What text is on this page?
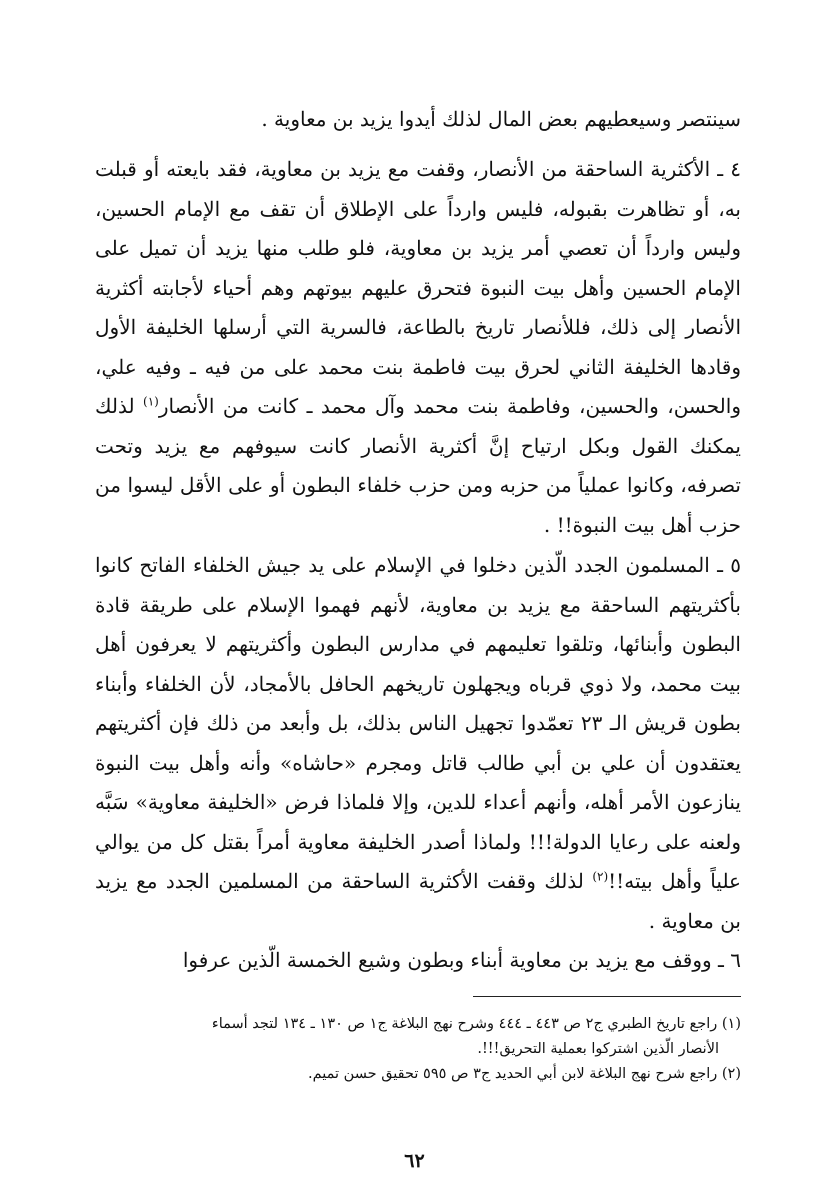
سينتصر وسيعطيهم بعض المال لذلك أيدوا يزيد بن معاوية .

٤ ـ الأكثرية الساحقة من الأنصار، وقفت مع يزيد بن معاوية، فقد بايعته أو قبلت به، أو تظاهرت بقبوله، فليس وارداً على الإطلاق أن تقف مع الإمام الحسين، وليس وارداً أن تعصي أمر يزيد بن معاوية، فلو طلب منها يزيد أن تميل على الإمام الحسين وأهل بيت النبوة فتحرق عليهم بيوتهم وهم أحياء لأجابته أكثرية الأنصار إلى ذلك، فللأنصار تاريخ بالطاعة، فالسرية التي أرسلها الخليفة الأول وقادها الخليفة الثاني لحرق بيت فاطمة بنت محمد على من فيه ـ وفيه علي، والحسن، والحسين، وفاطمة بنت محمد وآل محمد ـ كانت من الأنصار$^{(١)}$ لذلك يمكنك القول وبكل ارتياح إنَّ أكثرية الأنصار كانت سيوفهم مع يزيد وتحت تصرفه، وكانوا عملياً من حزبه ومن حزب خلفاء البطون أو على الأقل ليسوا من حزب أهل بيت النبوة!! .

٥ ـ المسلمون الجدد الّذين دخلوا في الإسلام على يد جيش الخلفاء الفاتح كانوا بأكثريتهم الساحقة مع يزيد بن معاوية، لأنهم فهموا الإسلام على طريقة قادة البطون وأبنائها، وتلقوا تعليمهم في مدارس البطون وأكثريتهم لا يعرفون أهل بيت محمد، ولا ذوي قرباه ويجهلون تاريخهم الحافل بالأمجاد، لأن الخلفاء وأبناء بطون قريش الـ ٢٣ تعمّدوا تجهيل الناس بذلك، بل وأبعد من ذلك فإن أكثريتهم يعتقدون أن علي بن أبي طالب قاتل ومجرم «حاشاه» وأنه وأهل بيت النبوة ينازعون الأمر أهله، وأنهم أعداء للدين، وإلا فلماذا فرض «الخليفة معاوية» سَبَّه ولعنه على رعايا الدولة!!! ولماذا أصدر الخليفة معاوية أمراً بقتل كل من يوالي علياً وأهل بيته!!$^{(٢)}$ لذلك وقفت الأكثرية الساحقة من المسلمين الجدد مع يزيد بن معاوية .

٦ ـ ووقف مع يزيد بن معاوية أبناء وبطون وشيع الخمسة الّذين عرفوا

(١) راجع تاريخ الطبري ج٢ ص ٤٤٣ ـ ٤٤٤ وشرح نهج البلاغة ج١ ص ١٣٠ ـ ١٣٤ لتجد أسماء

الأنصار الّذين اشتركوا بعملية التحريق!!!.

(٢) راجع شرح نهج البلاغة لابن أبي الحديد ج٣ ص ٥٩٥ تحقيق حسن تميم.

٦٢
